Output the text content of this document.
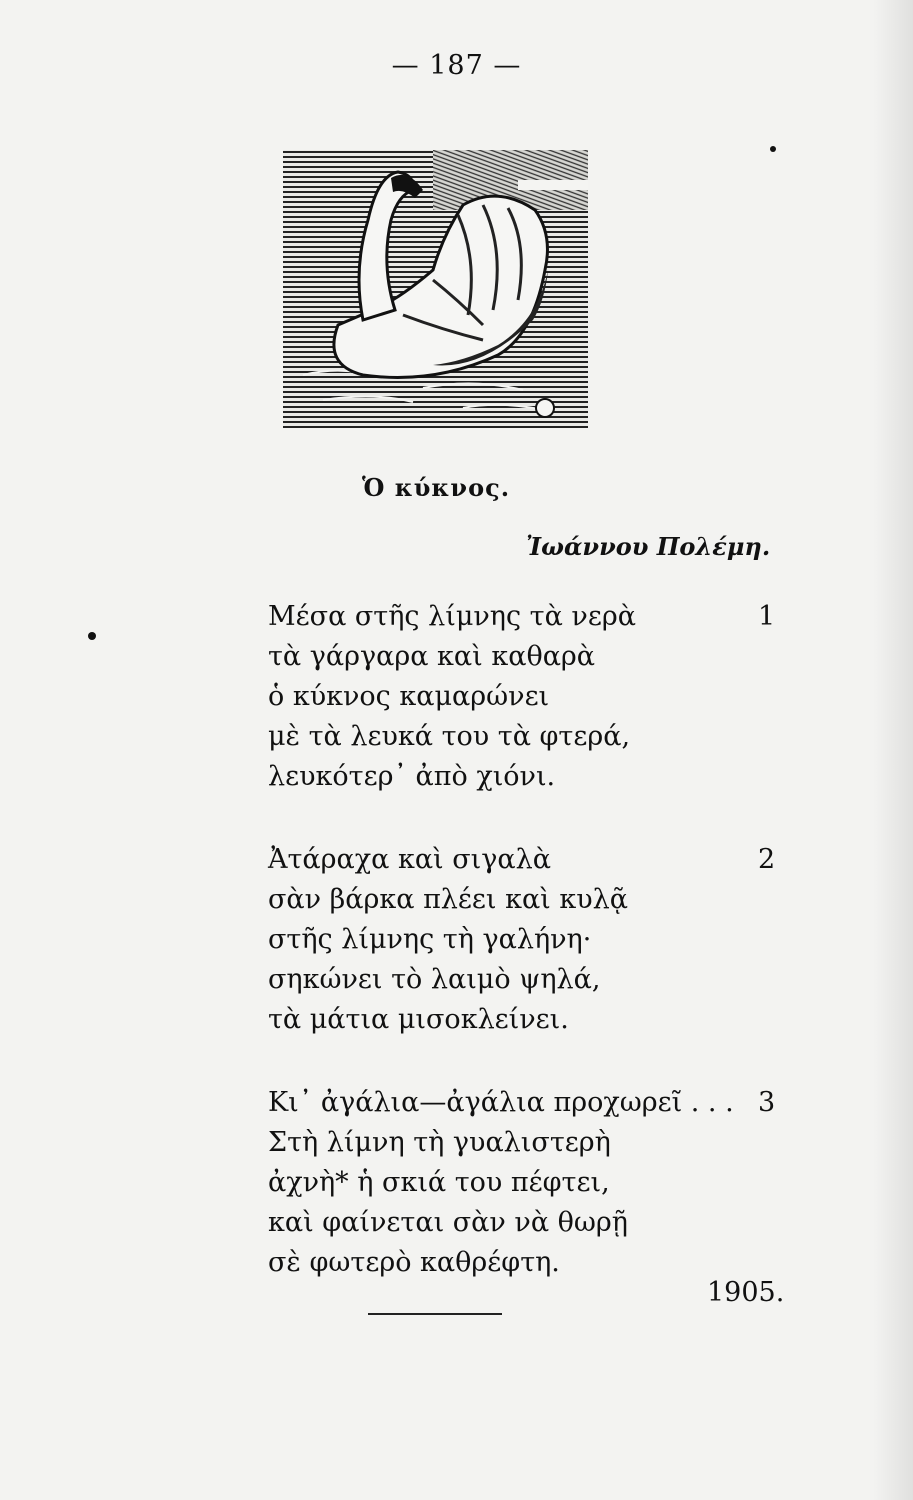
— 187 —
Ὁ κύκνος.
Ἰωάννου Πολέμη.
Μέσα στῆς λίμνης τὰ νερὰ	1
τὰ γάργαρα καὶ καθαρὰ
ὁ κύκνος καμαρώνει
μὲ τὰ λευκά του τὰ φτερά,
λευκότερ᾽ ἀπὸ χιόνι.
Ἀτάραχα καὶ σιγαλὰ	2
σὰν βάρκα πλέει καὶ κυλᾷ
στῆς λίμνης τὴ γαλήνη·
σηκώνει τὸ λαιμὸ ψηλά,
τὰ μάτια μισοκλείνει.
Κι᾽ ἀγάλια—ἀγάλια προχωρεῖ . . . 3
Στὴ λίμνη τὴ γυαλιστερὴ
ἀχνὴ* ἡ σκιά του πέφτει,
καὶ φαίνεται σὰν νὰ θωρῇ
σὲ φωτερὸ καθρέφτη.
1905.
